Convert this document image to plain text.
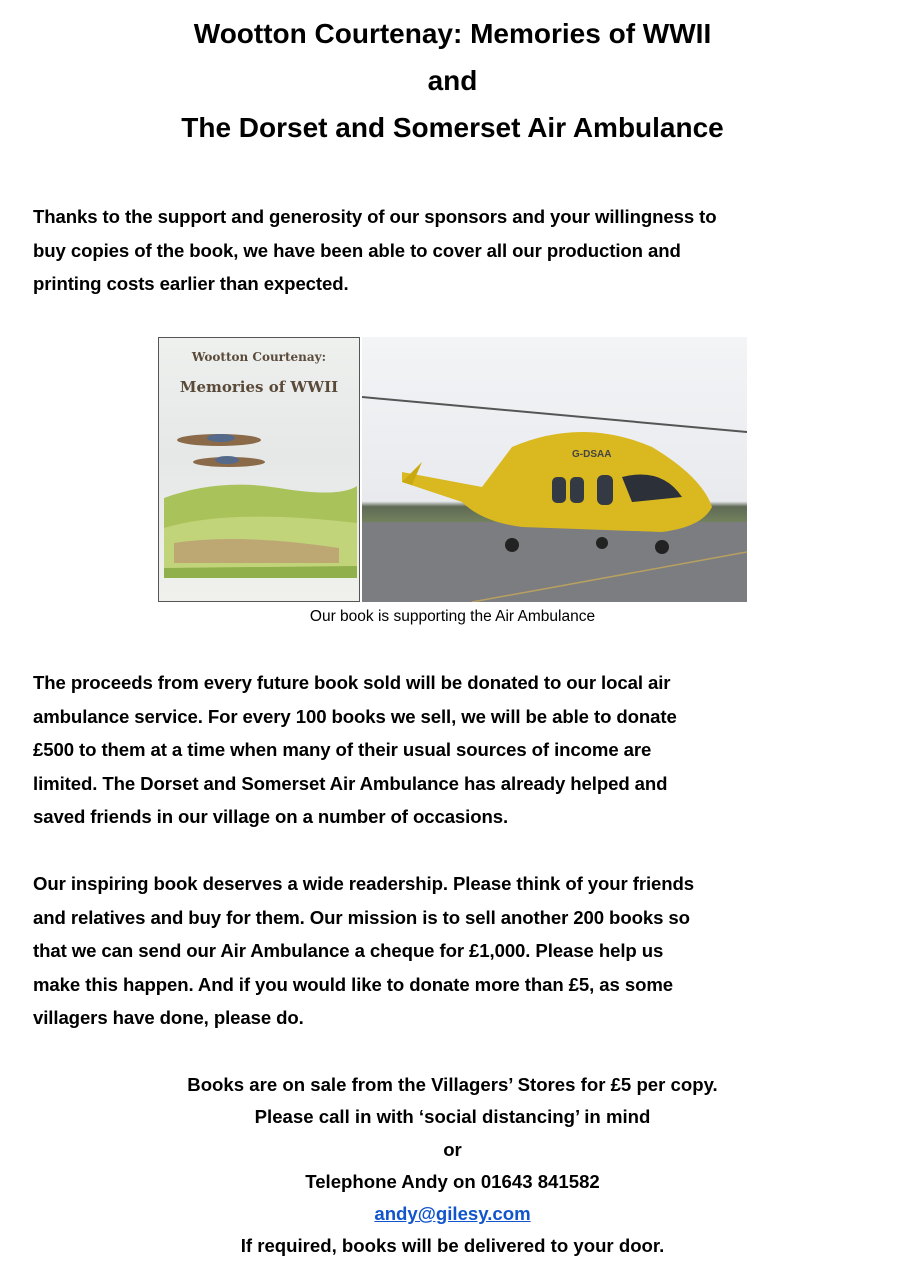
Wootton Courtenay: Memories of WWII
and
The Dorset and Somerset Air Ambulance
Thanks to the support and generosity of our sponsors and your willingness to
buy copies of the book, we have been able to cover all our production and
printing costs earlier than expected.
Wootton Courtenay:
Memories of WWII
G-DSAA
Our book is supporting the Air Ambulance
The proceeds from every future book sold will be donated to our local air
ambulance service. For every 100 books we sell, we will be able to donate
£500 to them at a time when many of their usual sources of income are
limited. The Dorset and Somerset Air Ambulance has already helped and
saved friends in our village on a number of occasions.
Our inspiring book deserves a wide readership. Please think of your friends
and relatives and buy for them. Our mission is to sell another 200 books so
that we can send our Air Ambulance a cheque for £1,000. Please help us
make this happen. And if you would like to donate more than £5, as some
villagers have done, please do.
Books are on sale from the Villagers’ Stores for £5 per copy.
Please call in with ‘social distancing’ in mind
or
Telephone Andy on 01643 841582
andy@gilesy.com
If required, books will be delivered to your door.
